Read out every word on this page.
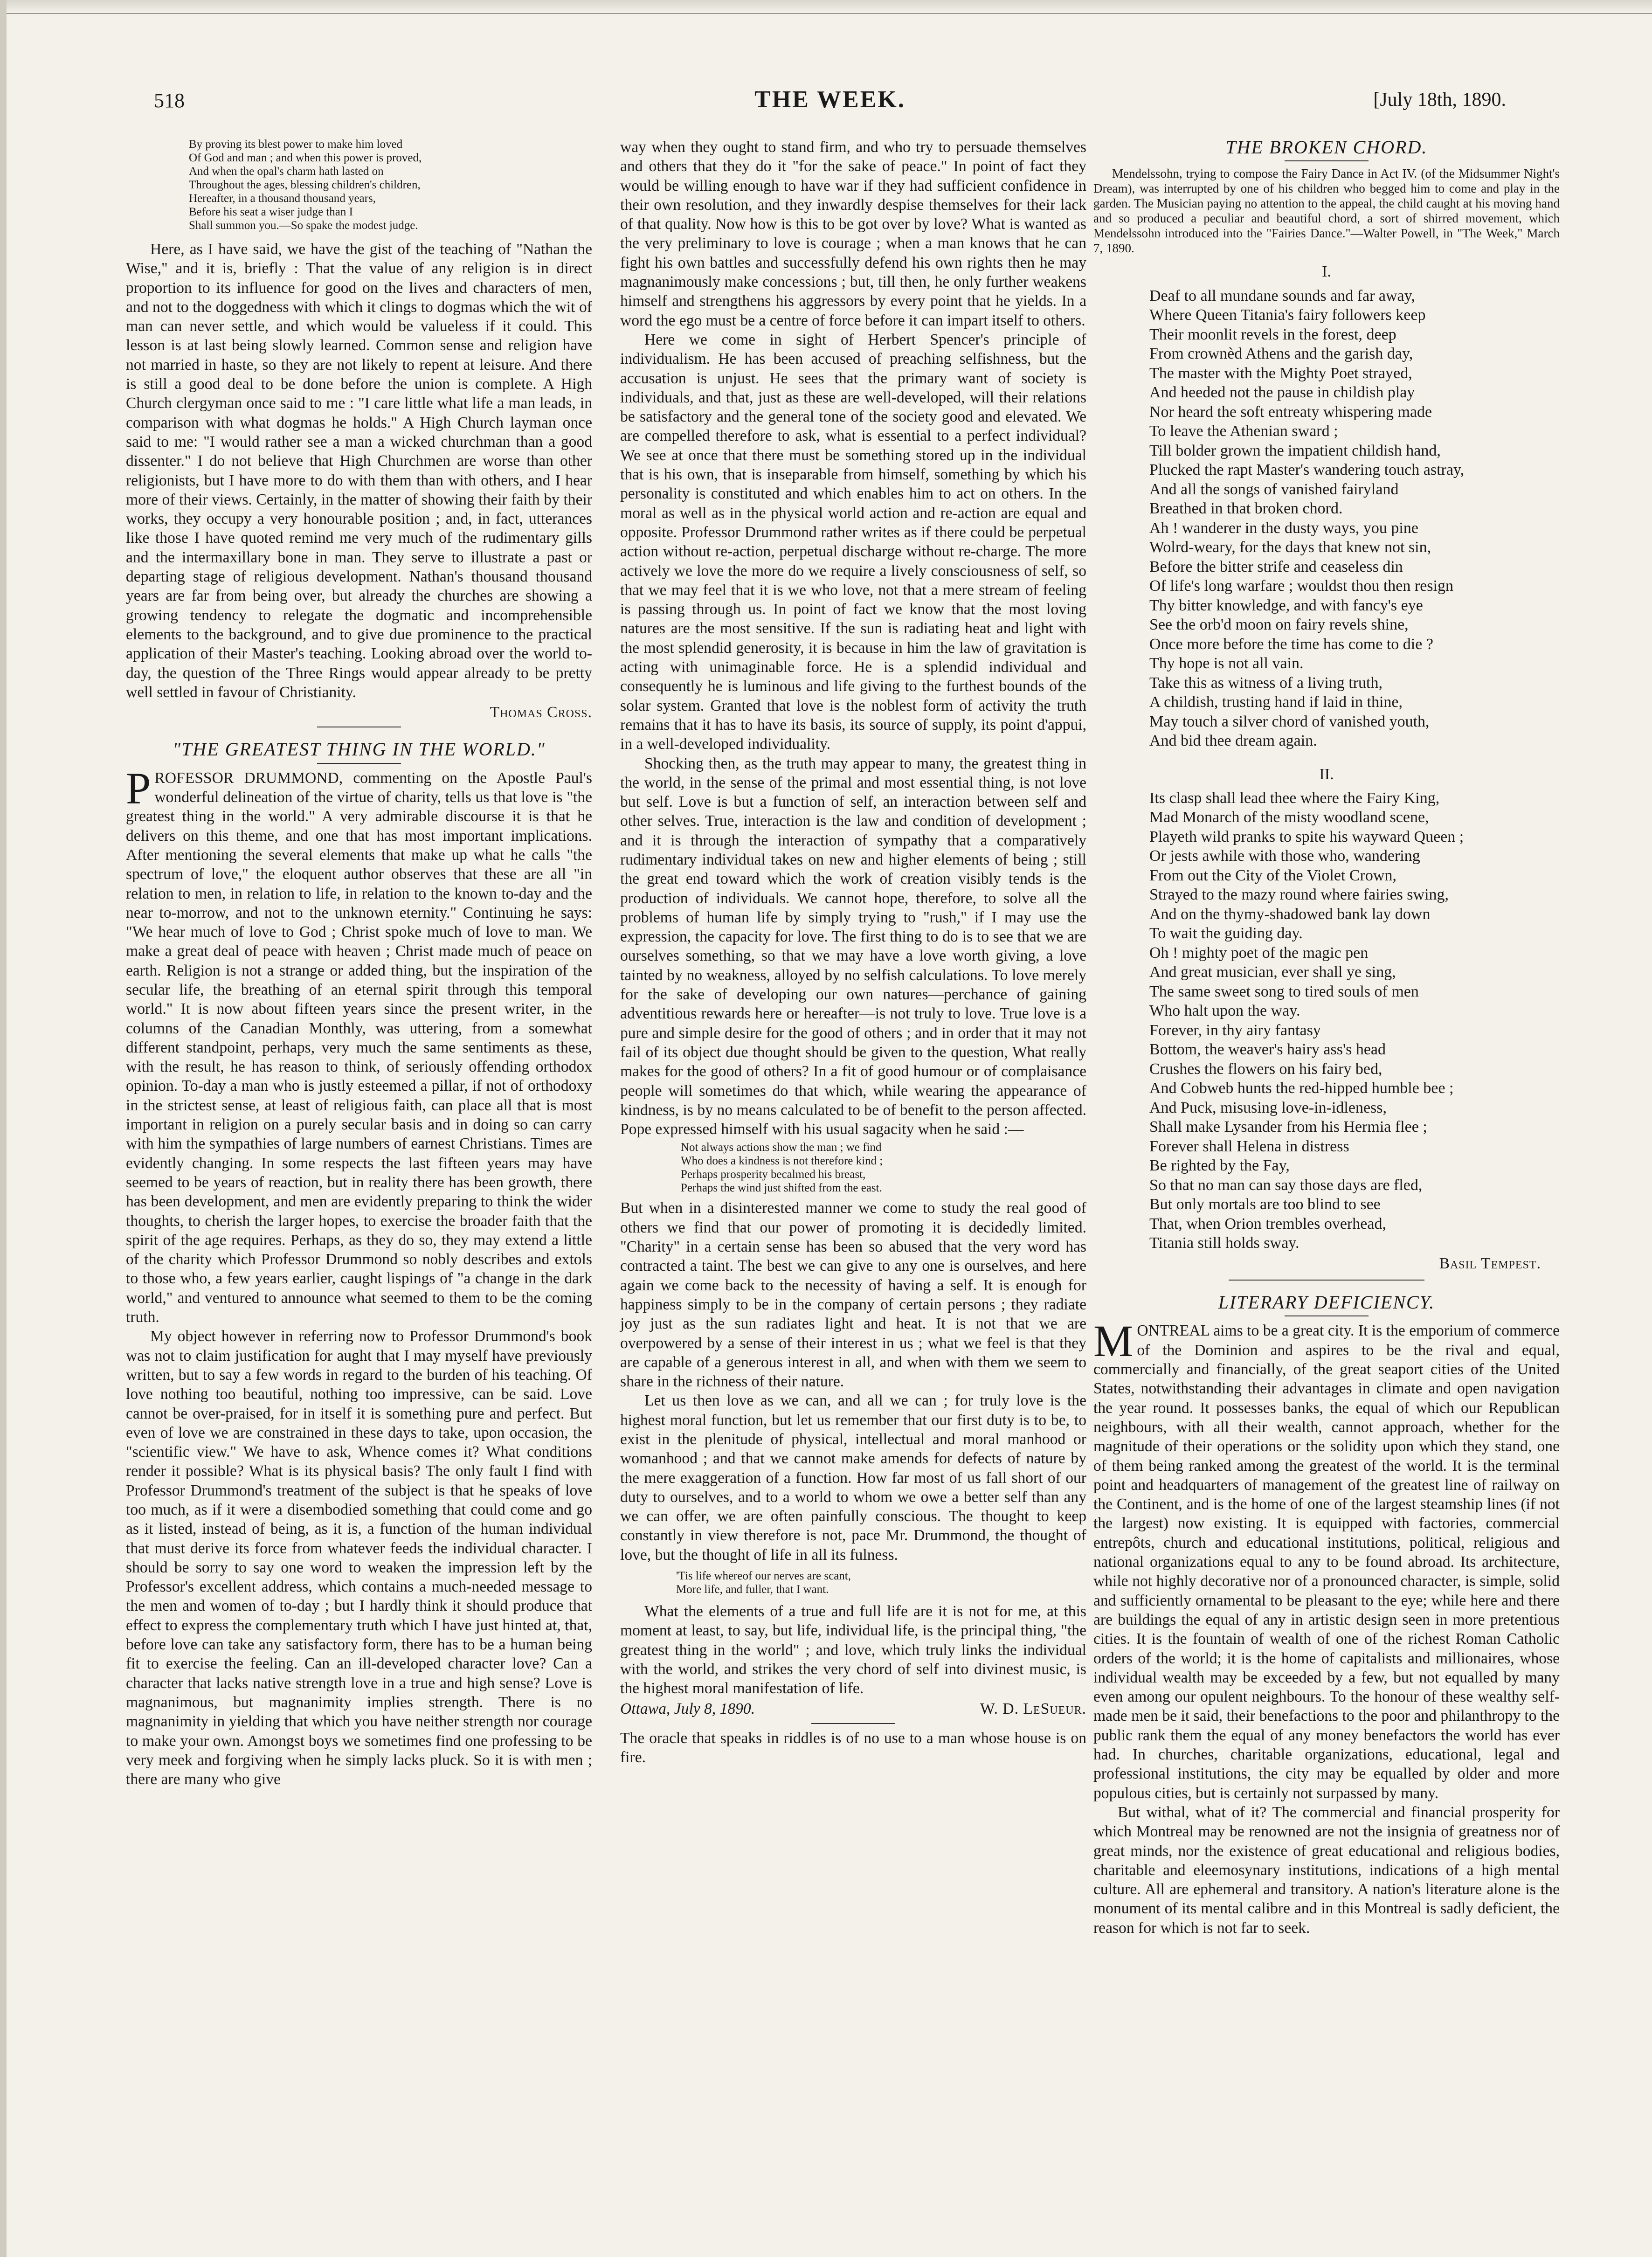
518	THE WEEK.	[July 18th, 1890.
By proving its blest power to make him loved
Of God and man ; and when this power is proved,
And when the opal's charm hath lasted on
Throughout the ages, blessing children's children,
Hereafter, in a thousand thousand years,
Before his seat a wiser judge than I
Shall summon you.—So spake the modest judge.

Here, as I have said, we have the gist of the teaching of "Nathan the Wise," and it is, briefly : That the value of any religion is in direct proportion to its influence for good on the lives and characters of men, and not to the doggedness with which it clings to dogmas which the wit of man can never settle, and which would be valueless if it could. This lesson is at last being slowly learned. Common sense and religion have not married in haste, so they are not likely to repent at leisure. And there is still a good deal to be done before the union is complete. A High Church clergyman once said to me : "I care little what life a man leads, in comparison with what dogmas he holds." A High Church layman once said to me: "I would rather see a man a wicked churchman than a good dissenter." I do not believe that High Churchmen are worse than other religionists, but I have more to do with them than with others, and I hear more of their views. Certainly, in the matter of showing their faith by their works, they occupy a very honourable position ; and, in fact, utterances like those I have quoted remind me very much of the rudimentary gills and the intermaxillary bone in man. They serve to illustrate a past or departing stage of religious development. Nathan's thousand thousand years are far from being over, but already the churches are showing a growing tendency to relegate the dogmatic and incomprehensible elements to the background, and to give due prominence to the practical application of their Master's teaching. Looking abroad over the world to-day, the question of the Three Rings would appear already to be pretty well settled in favour of Christianity.

Thomas Cross.
"THE GREATEST THING IN THE WORLD."

PROFESSOR DRUMMOND, commenting on the Apostle Paul's wonderful delineation of the virtue of charity, tells us that love is "the greatest thing in the world." A very admirable discourse it is that he delivers on this theme, and one that has most important implications. After mentioning the several elements that make up what he calls "the spectrum of love," the eloquent author observes that these are all "in relation to men, in relation to life, in relation to the known to-day and the near to-morrow, and not to the unknown eternity." Continuing he says: "We hear much of love to God ; Christ spoke much of love to man. We make a great deal of peace with heaven ; Christ made much of peace on earth. Religion is not a strange or added thing, but the inspiration of the secular life, the breathing of an eternal spirit through this temporal world." It is now about fifteen years since the present writer, in the columns of the Canadian Monthly, was uttering, from a somewhat different standpoint, perhaps, very much the same sentiments as these, with the result, he has reason to think, of seriously offending orthodox opinion. To-day a man who is justly esteemed a pillar, if not of orthodoxy in the strictest sense, at least of religious faith, can place all that is most important in religion on a purely secular basis and in doing so can carry with him the sympathies of large numbers of earnest Christians. Times are evidently changing. In some respects the last fifteen years may have seemed to be years of reaction, but in reality there has been growth, there has been development, and men are evidently preparing to think the wider thoughts, to cherish the larger hopes, to exercise the broader faith that the spirit of the age requires. Perhaps, as they do so, they may extend a little of the charity which Professor Drummond so nobly describes and extols to those who, a few years earlier, caught lispings of "a change in the dark world," and ventured to announce what seemed to them to be the coming truth.

My object however in referring now to Professor Drummond's book was not to claim justification for aught that I may myself have previously written, but to say a few words in regard to the burden of his teaching. Of love nothing too beautiful, nothing too impressive, can be said. Love cannot be over-praised, for in itself it is something pure and perfect. But even of love we are constrained in these days to take, upon occasion, the "scientific view." We have to ask, Whence comes it? What conditions render it possible? What is its physical basis? The only fault I find with Professor Drummond's treatment of the subject is that he speaks of love too much, as if it were a disembodied something that could come and go as it listed, instead of being, as it is, a function of the human individual that must derive its force from whatever feeds the individual character. I should be sorry to say one word to weaken the impression left by the Professor's excellent address, which contains a much-needed message to the men and women of to-day ; but I hardly think it should produce that effect to express the complementary truth which I have just hinted at, that, before love can take any satisfactory form, there has to be a human being fit to exercise the feeling. Can an ill-developed character love? Can a character that lacks native strength love in a true and high sense? Love is magnanimous, but magnanimity implies strength. There is no magnanimity in yielding that which you have neither strength nor courage to make your own. Amongst boys we sometimes find one professing to be very meek and forgiving when he simply lacks pluck. So it is with men ; there are many who give

way when they ought to stand firm, and who try to persuade themselves and others that they do it "for the sake of peace." In point of fact they would be willing enough to have war if they had sufficient confidence in their own resolution, and they inwardly despise themselves for their lack of that quality. Now how is this to be got over by love? What is wanted as the very preliminary to love is courage ; when a man knows that he can fight his own battles and successfully defend his own rights then he may magnanimously make concessions ; but, till then, he only further weakens himself and strengthens his aggressors by every point that he yields. In a word the ego must be a centre of force before it can impart itself to others.

Here we come in sight of Herbert Spencer's principle of individualism. He has been accused of preaching selfishness, but the accusation is unjust. He sees that the primary want of society is individuals, and that, just as these are well-developed, will their relations be satisfactory and the general tone of the society good and elevated. We are compelled therefore to ask, what is essential to a perfect individual? We see at once that there must be something stored up in the individual that is his own, that is inseparable from himself, something by which his personality is constituted and which enables him to act on others. In the moral as well as in the physical world action and re-action are equal and opposite. Professor Drummond rather writes as if there could be perpetual action without re-action, perpetual discharge without re-charge. The more actively we love the more do we require a lively consciousness of self, so that we may feel that it is we who love, not that a mere stream of feeling is passing through us. In point of fact we know that the most loving natures are the most sensitive. If the sun is radiating heat and light with the most splendid generosity, it is because in him the law of gravitation is acting with unimaginable force. He is a splendid individual and consequently he is luminous and life giving to the furthest bounds of the solar system. Granted that love is the noblest form of activity the truth remains that it has to have its basis, its source of supply, its point d'appui, in a well-developed individuality.

Shocking then, as the truth may appear to many, the greatest thing in the world, in the sense of the primal and most essential thing, is not love but self. Love is but a function of self, an interaction between self and other selves. True, interaction is the law and condition of development ; and it is through the interaction of sympathy that a comparatively rudimentary individual takes on new and higher elements of being ; still the great end toward which the work of creation visibly tends is the production of individuals. We cannot hope, therefore, to solve all the problems of human life by simply trying to "rush," if I may use the expression, the capacity for love. The first thing to do is to see that we are ourselves something, so that we may have a love worth giving, a love tainted by no weakness, alloyed by no selfish calculations. To love merely for the sake of developing our own natures—perchance of gaining adventitious rewards here or hereafter—is not truly to love. True love is a pure and simple desire for the good of others ; and in order that it may not fail of its object due thought should be given to the question, What really makes for the good of others? In a fit of good humour or of complaisance people will sometimes do that which, while wearing the appearance of kindness, is by no means calculated to be of benefit to the person affected. Pope expressed himself with his usual sagacity when he said :—

Not always actions show the man ; we find
Who does a kindness is not therefore kind ;
Perhaps prosperity becalmed his breast,
Perhaps the wind just shifted from the east.

But when in a disinterested manner we come to study the real good of others we find that our power of promoting it is decidedly limited. "Charity" in a certain sense has been so abused that the very word has contracted a taint. The best we can give to any one is ourselves, and here again we come back to the necessity of having a self. It is enough for happiness simply to be in the company of certain persons ; they radiate joy just as the sun radiates light and heat. It is not that we are overpowered by a sense of their interest in us ; what we feel is that they are capable of a generous interest in all, and when with them we seem to share in the richness of their nature.

Let us then love as we can, and all we can ; for truly love is the highest moral function, but let us remember that our first duty is to be, to exist in the plenitude of physical, intellectual and moral manhood or womanhood ; and that we cannot make amends for defects of nature by the mere exaggeration of a function. How far most of us fall short of our duty to ourselves, and to a world to whom we owe a better self than any we can offer, we are often painfully conscious. The thought to keep constantly in view therefore is not, pace Mr. Drummond, the thought of love, but the thought of life in all its fulness.

'Tis life whereof our nerves are scant,
More life, and fuller, that I want.

What the elements of a true and full life are it is not for me, at this moment at least, to say, but life, individual life, is the principal thing, "the greatest thing in the world" ; and love, which truly links the individual with the world, and strikes the very chord of self into divinest music, is the highest moral manifestation of life.

Ottawa, July 8, 1890.	W. D. LeSueur.

The oracle that speaks in riddles is of no use to a man whose house is on fire.

THE BROKEN CHORD.
Mendelssohn, trying to compose the Fairy Dance in Act IV. (of the Midsummer Night's Dream), was interrupted by one of his children who begged him to come and play in the garden. The Musician paying no attention to the appeal, the child caught at his moving hand and so produced a peculiar and beautiful chord, a sort of shirred movement, which Mendelssohn introduced into the "Fairies Dance."—Walter Powell, in "The Week," March 7, 1890.
I.
Deaf to all mundane sounds and far away,
Where Queen Titania's fairy followers keep
Their moonlit revels in the forest, deep
From crownèd Athens and the garish day,
The master with the Mighty Poet strayed,
And heeded not the pause in childish play
Nor heard the soft entreaty whispering made
To leave the Athenian sward ;
Till bolder grown the impatient childish hand,
Plucked the rapt Master's wandering touch astray,
And all the songs of vanished fairyland
Breathed in that broken chord.
Ah ! wanderer in the dusty ways, you pine
Wolrd-weary, for the days that knew not sin,
Before the bitter strife and ceaseless din
Of life's long warfare ; wouldst thou then resign
Thy bitter knowledge, and with fancy's eye
See the orb'd moon on fairy revels shine,
Once more before the time has come to die ?
Thy hope is not all vain.
Take this as witness of a living truth,
A childish, trusting hand if laid in thine,
May touch a silver chord of vanished youth,
And bid thee dream again.
II.
Its clasp shall lead thee where the Fairy King,
Mad Monarch of the misty woodland scene,
Playeth wild pranks to spite his wayward Queen ;
Or jests awhile with those who, wandering
From out the City of the Violet Crown,
Strayed to the mazy round where fairies swing,
And on the thymy-shadowed bank lay down
To wait the guiding day.
Oh ! mighty poet of the magic pen
And great musician, ever shall ye sing,
The same sweet song to tired souls of men
Who halt upon the way.
Forever, in thy airy fantasy
Bottom, the weaver's hairy ass's head
Crushes the flowers on his fairy bed,
And Cobweb hunts the red-hipped humble bee ;
And Puck, misusing love-in-idleness,
Shall make Lysander from his Hermia flee ;
Forever shall Helena in distress
Be righted by the Fay,
So that no man can say those days are fled,
But only mortals are too blind to see
That, when Orion trembles overhead,
Titania still holds sway.
Basil Tempest.
LITERARY DEFICIENCY.

MONTREAL aims to be a great city. It is the emporium of commerce of the Dominion and aspires to be the rival and equal, commercially and financially, of the great seaport cities of the United States, notwithstanding their advantages in climate and open navigation the year round. It possesses banks, the equal of which our Republican neighbours, with all their wealth, cannot approach, whether for the magnitude of their operations or the solidity upon which they stand, one of them being ranked among the greatest of the world. It is the terminal point and headquarters of management of the greatest line of railway on the Continent, and is the home of one of the largest steamship lines (if not the largest) now existing. It is equipped with factories, commercial entrepôts, church and educational institutions, political, religious and national organizations equal to any to be found abroad. Its architecture, while not highly decorative nor of a pronounced character, is simple, solid and sufficiently ornamental to be pleasant to the eye; while here and there are buildings the equal of any in artistic design seen in more pretentious cities. It is the fountain of wealth of one of the richest Roman Catholic orders of the world; it is the home of capitalists and millionaires, whose individual wealth may be exceeded by a few, but not equalled by many even among our opulent neighbours. To the honour of these wealthy self-made men be it said, their benefactions to the poor and philanthropy to the public rank them the equal of any money benefactors the world has ever had. In churches, charitable organizations, educational, legal and professional institutions, the city may be equalled by older and more populous cities, but is certainly not surpassed by many.

But withal, what of it? The commercial and financial prosperity for which Montreal may be renowned are not the insignia of greatness nor of great minds, nor the existence of great educational and religious bodies, charitable and eleemosynary institutions, indications of a high mental culture. All are ephemeral and transitory. A nation's literature alone is the monument of its mental calibre and in this Montreal is sadly deficient, the reason for which is not far to seek.
